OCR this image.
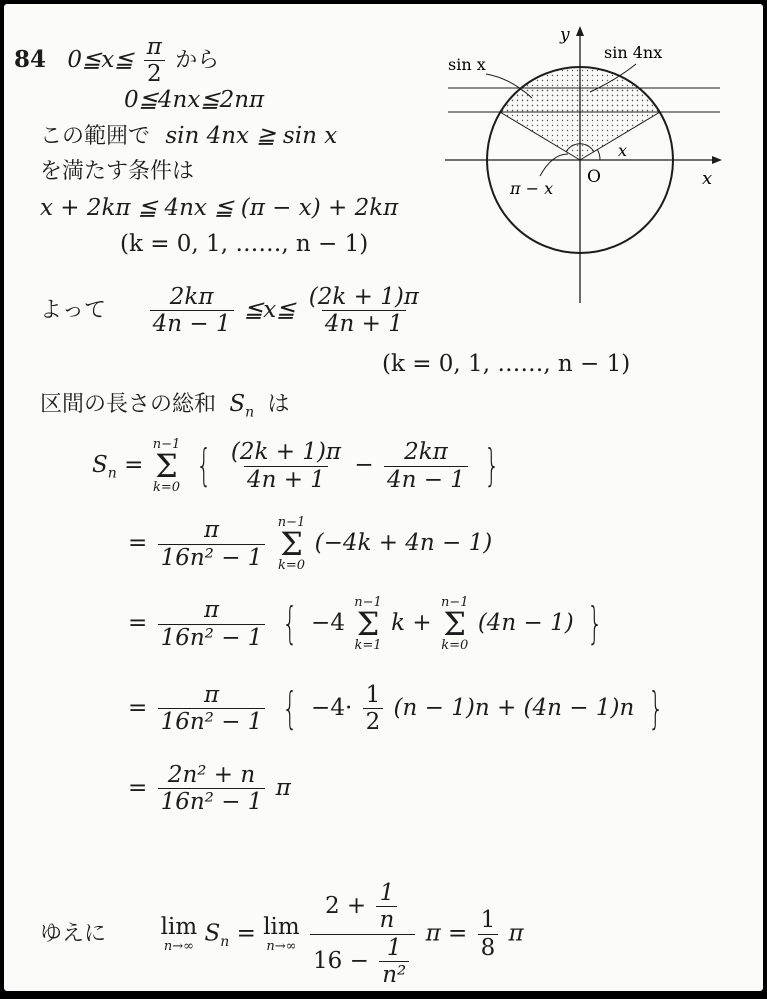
84 0≦x≦ $\frac{\pi}{2}$ から
0≦4nx≦2nπ
この範囲で sin 4nx ≧ sin x
を満たす条件は
x + 2kπ ≦ 4nx ≦ (π − x) + 2kπ
(k = 0, 1, ……, n − 1)
よって $\frac{2k\pi}{4n - 1}$ ≦x≦ $\frac{(2k + 1)\pi}{4n + 1}$
(k = 0, 1, ……, n − 1)
区間の長さの総和 $S_n$ は
$S_n$ =
n−1
Σ
k=0 { $\frac{(2k + 1)\pi}{4n + 1} - \frac{2k\pi}{4n - 1}$ }
= $\frac{\pi}{\text{16n² − 1}}$
n−1
Σ
k=0
(−4k + 4n − 1)
= $\frac{\pi}{\text{16n² − 1}}$ { −4
n−1
Σ
k=1
k +
n−1
Σ
k=0
(4n − 1) }
= $\frac{\pi}{\text{16n² − 1}}$ { $-4\cdot \frac{1}{2} (n - 1)n + (4n - 1)n$ }
= $\frac{\text{2n² + n}}{\text{16n² − 1}}$ π
ゆえに lim
n→∞ $S_n = \lim$
n→∞
$\frac{2 + \frac{1}{n}}{16 - \frac{1}{\text{n²}}}$ $\pi = \frac{1}{8}$ π
y
x
O
sin x
sin 4nx
x
π − x
